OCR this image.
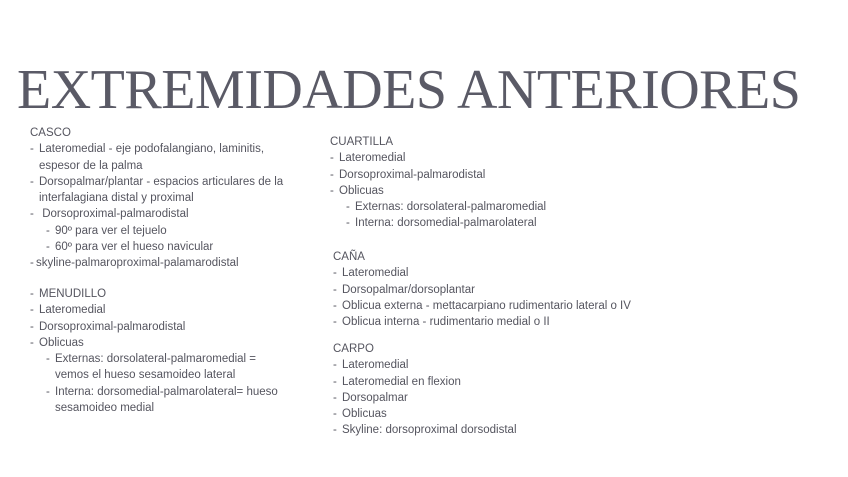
EXTREMIDADES ANTERIORES
CASCO
- Lateromedial - eje podofalangiano, laminitis,
espesor de la palma
- Dorsopalmar/plantar - espacios articulares de la
interfalagiana distal y proximal
- Dorsoproximal-palmarodistal
- 90º para ver el tejuelo
- 60º para ver el hueso navicular
- skyline-palmaroproximal-palamarodistal
- MENUDILLO
- Lateromedial
- Dorsoproximal-palmarodistal
- Oblicuas
- Externas: dorsolateral-palmaromedial =
vemos el hueso sesamoideo lateral
- Interna: dorsomedial-palmarolateral= hueso
sesamoideo medial
CUARTILLA
- Lateromedial
- Dorsoproximal-palmarodistal
- Oblicuas
- Externas: dorsolateral-palmaromedial
- Interna: dorsomedial-palmarolateral
CAÑA
- Lateromedial
- Dorsopalmar/dorsoplantar
- Oblicua externa - mettacarpiano rudimentario lateral o IV
- Oblicua interna - rudimentario medial o II
CARPO
- Lateromedial
- Lateromedial en flexion
- Dorsopalmar
- Oblicuas
- Skyline: dorsoproximal dorsodistal
